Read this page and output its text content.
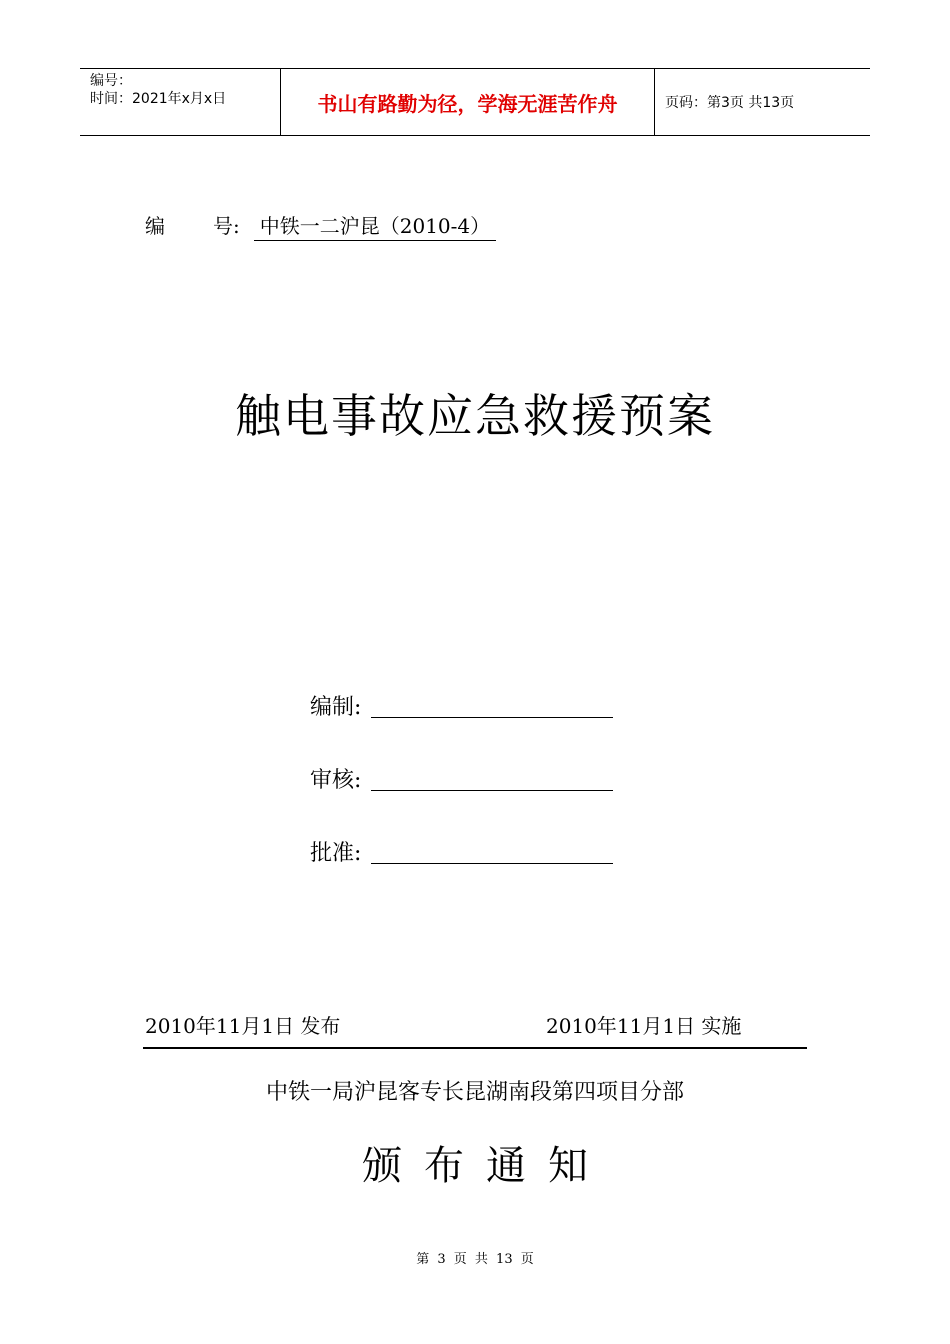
编号：
时间：2021年x月x日	书山有路勤为径，学海无涯苦作舟	页码：第3页 共13页
编 号: 中铁一二沪昆（2010-4）
触电事故应急救援预案
编制:
审核:
批准:
2010年11月1日 发布	2010年11月1日 实施
中铁一局沪昆客专长昆湖南段第四项目分部
颁布通知
第 3 页 共 13 页
